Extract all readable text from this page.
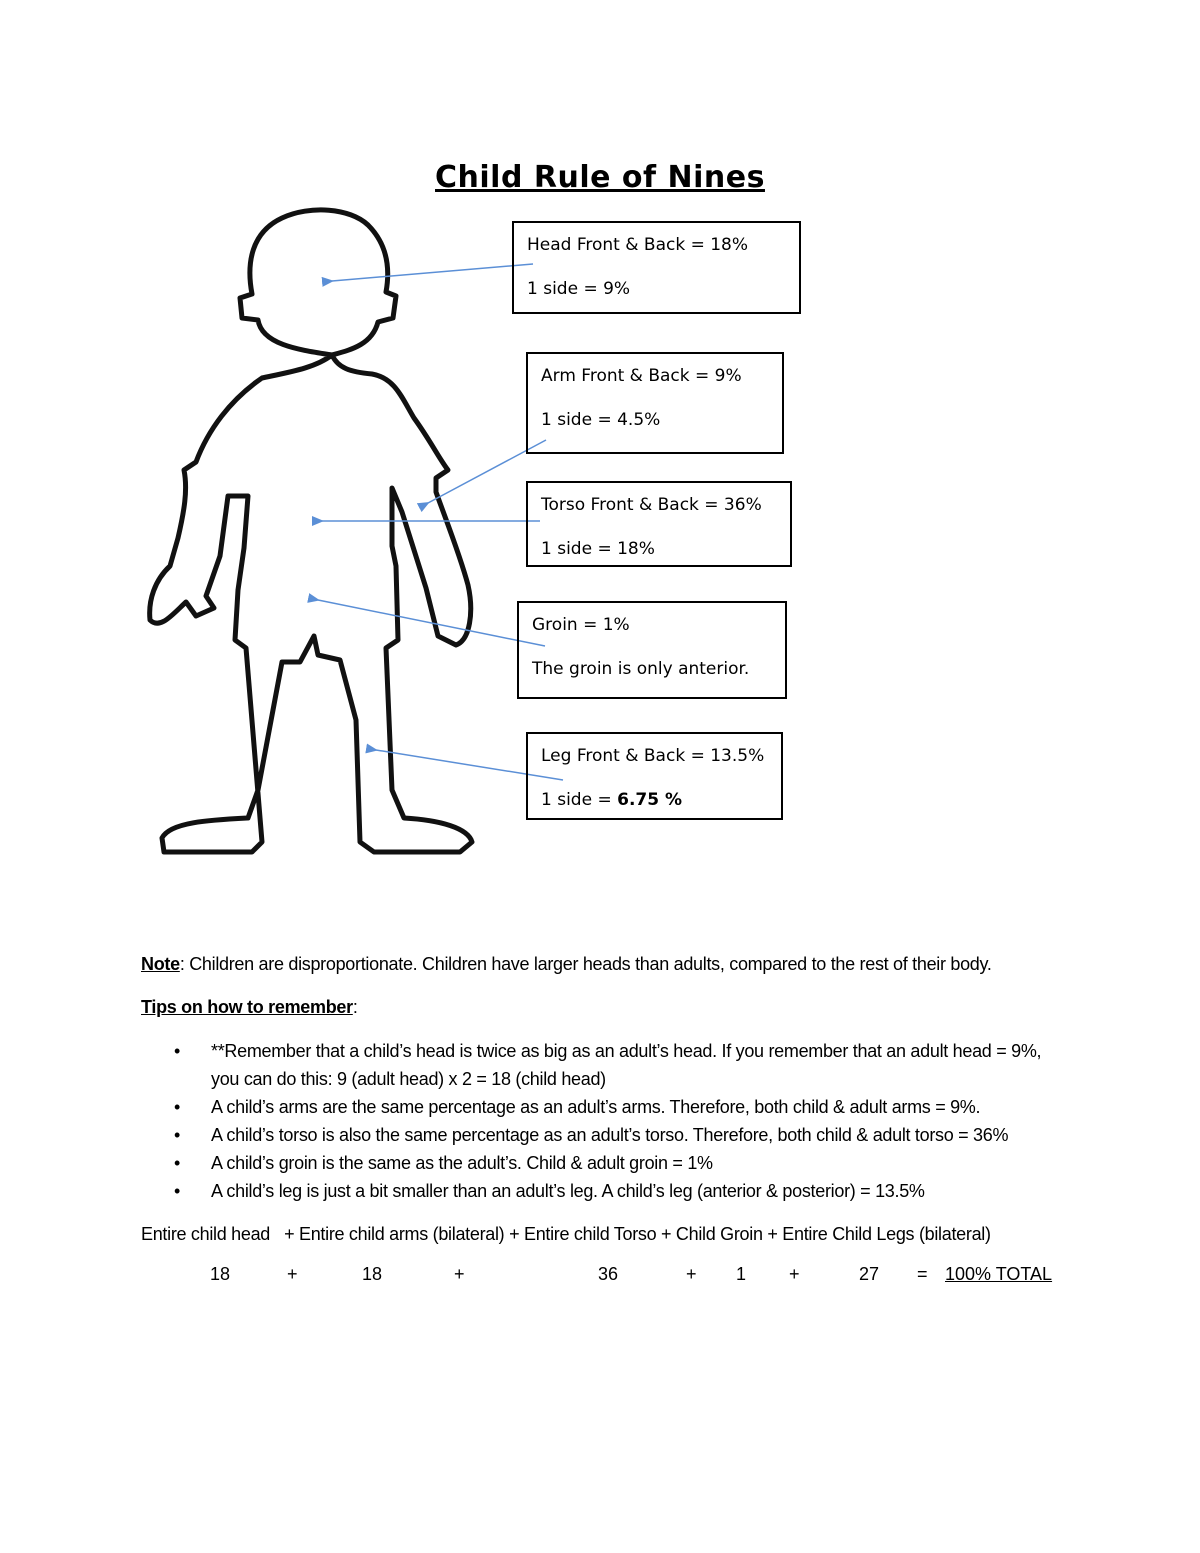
Child Rule of Nines
Head Front & Back = 18%
1 side = 9%
Arm Front & Back = 9%
1 side = 4.5%
Torso Front & Back = 36%
1 side = 18%
Groin = 1%
The groin is only anterior.
Leg Front & Back = 13.5%
1 side = 6.75 %
Note: Children are disproportionate. Children have larger heads than adults, compared to the rest of their body.
Tips on how to remember:
• **Remember that a child’s head is twice as big as an adult’s head. If you remember that an adult head = 9%, you can do this: 9 (adult head) x 2 = 18 (child head)
• A child’s arms are the same percentage as an adult’s arms. Therefore, both child & adult arms = 9%.
• A child’s torso is also the same percentage as an adult’s torso. Therefore, both child & adult torso = 36%
• A child’s groin is the same as the adult’s. Child & adult groin = 1%
• A child’s leg is just a bit smaller than an adult’s leg. A child’s leg (anterior & posterior) = 13.5%
Entire child head   + Entire child arms (bilateral) + Entire child Torso + Child Groin + Entire Child Legs (bilateral)
18	+	18	+	36	+ 1 +	27 = 100% TOTAL
